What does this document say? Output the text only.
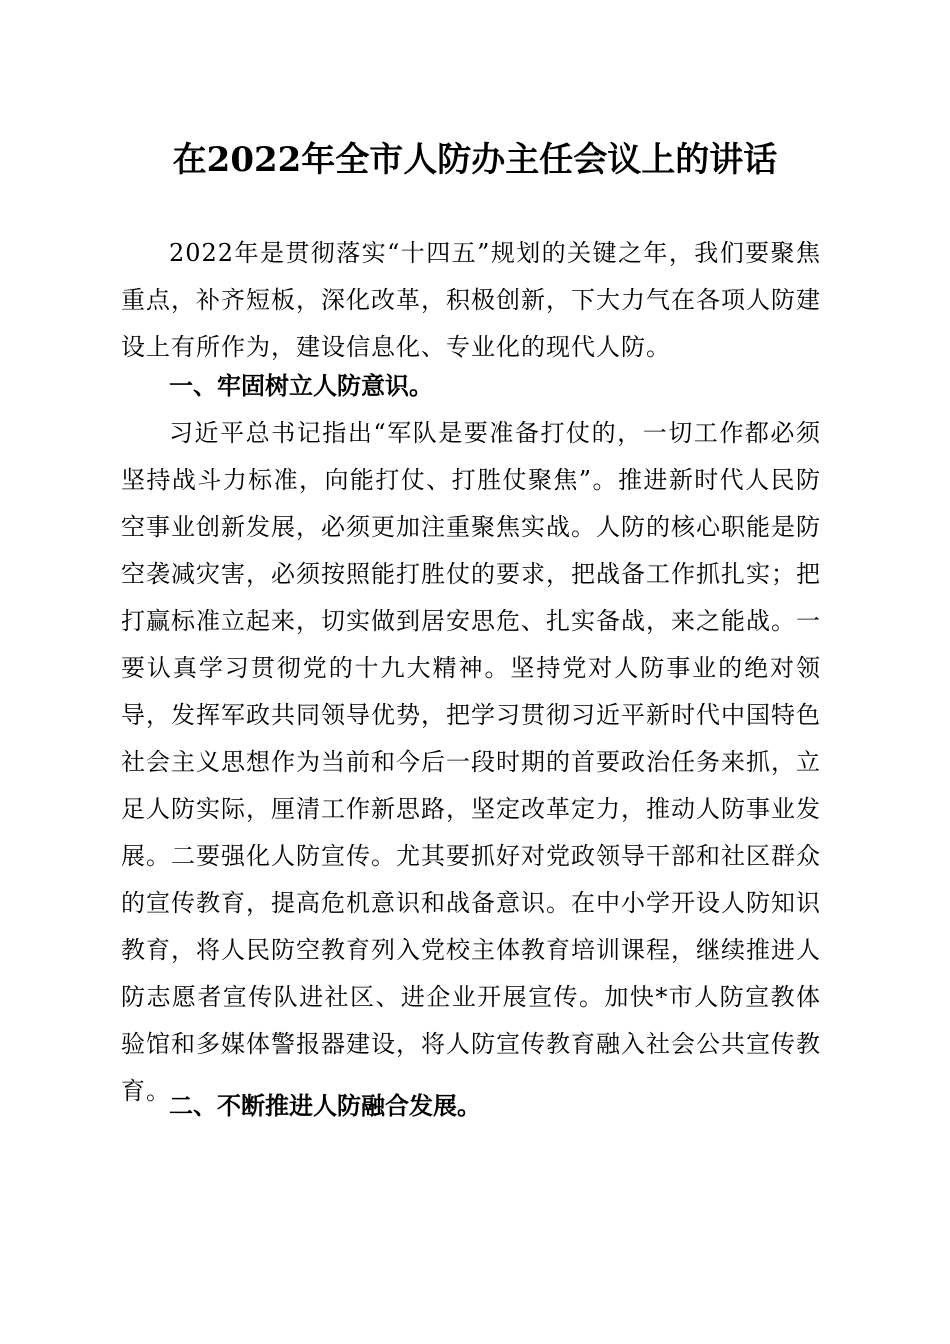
在2022年全市人防办主任会议上的讲话

2022年是贯彻落实“十四五”规划的关键之年，我们要聚焦重点，补齐短板，深化改革，积极创新，下大力气在各项人防建设上有所作为，建设信息化、专业化的现代人防。

一、牢固树立人防意识。

习近平总书记指出“军队是要准备打仗的，一切工作都必须坚持战斗力标准，向能打仗、打胜仗聚焦”。推进新时代人民防空事业创新发展，必须更加注重聚焦实战。人防的核心职能是防空袭减灾害，必须按照能打胜仗的要求，把战备工作抓扎实；把打赢标准立起来，切实做到居安思危、扎实备战，来之能战。一要认真学习贯彻党的十九大精神。坚持党对人防事业的绝对领导，发挥军政共同领导优势，把学习贯彻习近平新时代中国特色社会主义思想作为当前和今后一段时期的首要政治任务来抓，立足人防实际，厘清工作新思路，坚定改革定力，推动人防事业发展。二要强化人防宣传。尤其要抓好对党政领导干部和社区群众的宣传教育，提高危机意识和战备意识。在中小学开设人防知识教育，将人民防空教育列入党校主体教育培训课程，继续推进人防志愿者宣传队进社区、进企业开展宣传。加快*市人防宣教体验馆和多媒体警报器建设，将人防宣传教育融入社会公共宣传教育。

二、不断推进人防融合发展。
